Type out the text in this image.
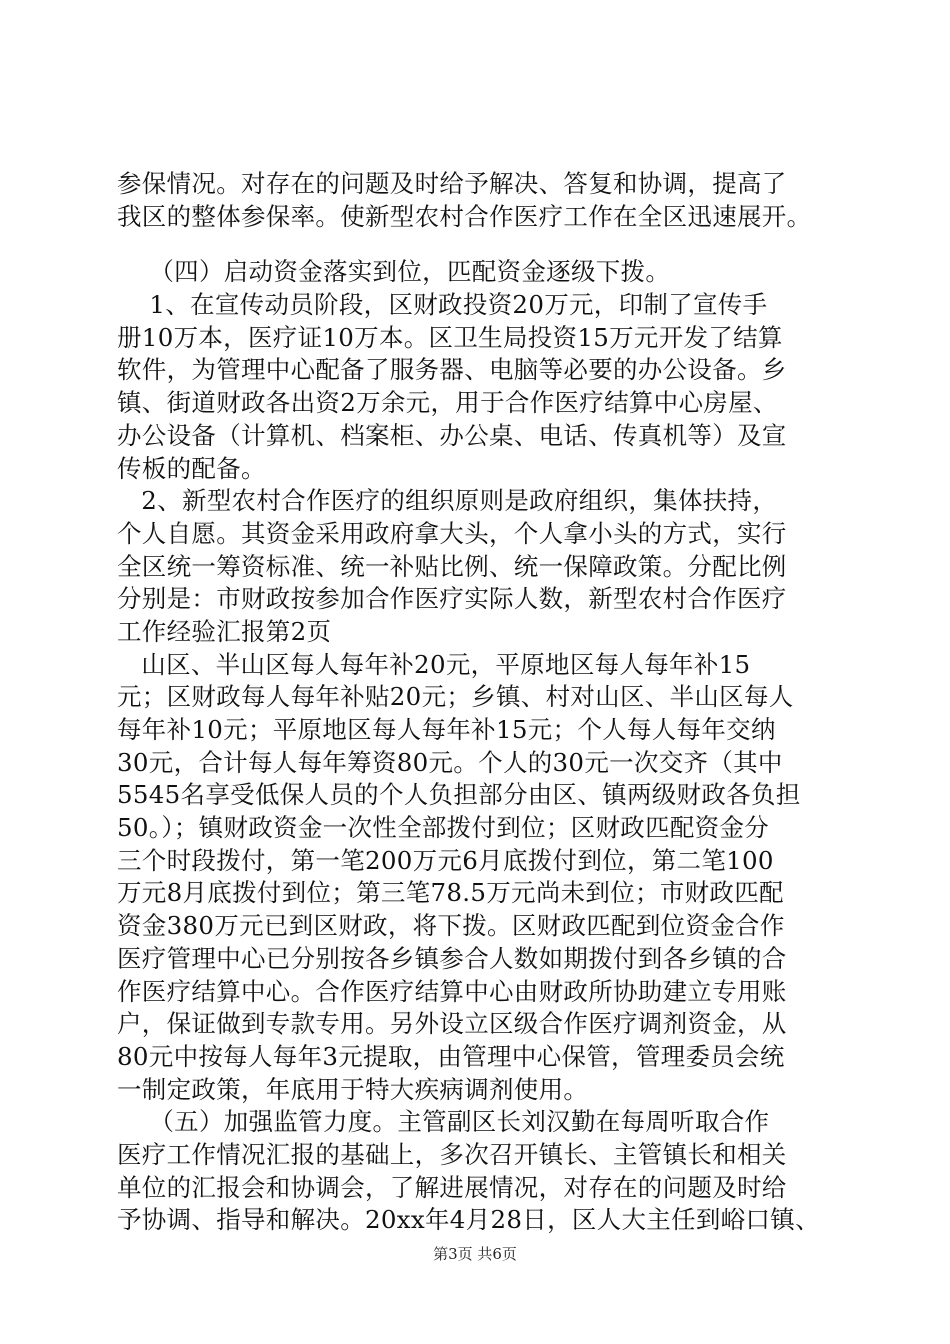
参保情况。对存在的问题及时给予解决、答复和协调，提高了
我区的整体参保率。使新型农村合作医疗工作在全区迅速展开。
（四）启动资金落实到位，匹配资金逐级下拨。
1、在宣传动员阶段，区财政投资20万元，印制了宣传手
册10万本，医疗证10万本。区卫生局投资15万元开发了结算
软件，为管理中心配备了服务器、电脑等必要的办公设备。乡
镇、街道财政各出资2万余元，用于合作医疗结算中心房屋、
办公设备（计算机、档案柜、办公桌、电话、传真机等）及宣
传板的配备。
2、新型农村合作医疗的组织原则是政府组织，集体扶持，
个人自愿。其资金采用政府拿大头，个人拿小头的方式，实行
全区统一筹资标准、统一补贴比例、统一保障政策。分配比例
分别是：市财政按参加合作医疗实际人数，新型农村合作医疗
工作经验汇报第2页
山区、半山区每人每年补20元，平原地区每人每年补15
元；区财政每人每年补贴20元；乡镇、村对山区、半山区每人
每年补10元；平原地区每人每年补15元；个人每人每年交纳
30元，合计每人每年筹资80元。个人的30元一次交齐（其中
5545名享受低保人员的个人负担部分由区、镇两级财政各负担
50。）；镇财政资金一次性全部拨付到位；区财政匹配资金分
三个时段拨付，第一笔200万元6月底拨付到位，第二笔100
万元8月底拨付到位；第三笔78.5万元尚未到位；市财政匹配
资金380万元已到区财政，将下拨。区财政匹配到位资金合作
医疗管理中心已分别按各乡镇参合人数如期拨付到各乡镇的合
作医疗结算中心。合作医疗结算中心由财政所协助建立专用账
户，保证做到专款专用。另外设立区级合作医疗调剂资金，从
80元中按每人每年3元提取，由管理中心保管，管理委员会统
一制定政策，年底用于特大疾病调剂使用。
（五）加强监管力度。主管副区长刘汉勤在每周听取合作
医疗工作情况汇报的基础上，多次召开镇长、主管镇长和相关
单位的汇报会和协调会，了解进展情况，对存在的问题及时给
予协调、指导和解决。20xx年4月28日，区人大主任到峪口镇、
第3页 共6页
